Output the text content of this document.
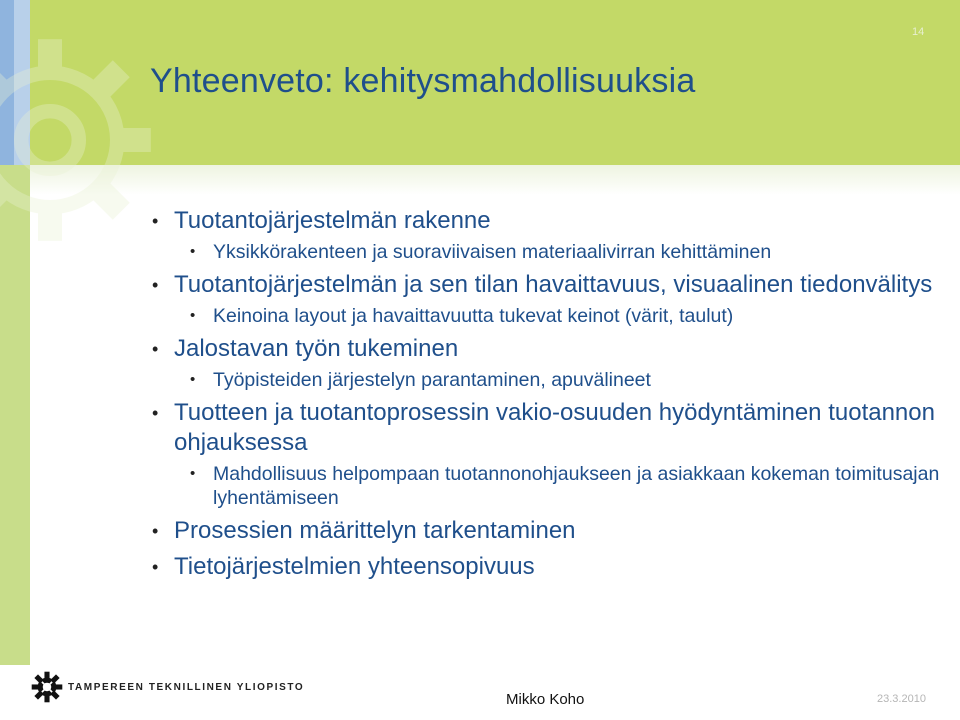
14
Yhteenveto: kehitysmahdollisuuksia
• Tuotantojärjestelmän rakenne
• Yksikkörakenteen ja suoraviivaisen materiaalivirran kehittäminen
• Tuotantojärjestelmän ja sen tilan havaittavuus, visuaalinen tiedonvälitys
• Keinoina layout ja havaittavuutta tukevat keinot (värit, taulut)
• Jalostavan työn tukeminen
• Työpisteiden järjestelyn parantaminen, apuvälineet
• Tuotteen ja tuotantoprosessin vakio-osuuden hyödyntäminen tuotannon ohjauksessa
• Mahdollisuus helpompaan tuotannonohjaukseen ja asiakkaan kokeman toimitusajan lyhentämiseen
• Prosessien määrittelyn tarkentaminen
• Tietojärjestelmien yhteensopivuus
TAMPEREEN TEKNILLINEN YLIOPISTO
Mikko Koho	23.3.2010
